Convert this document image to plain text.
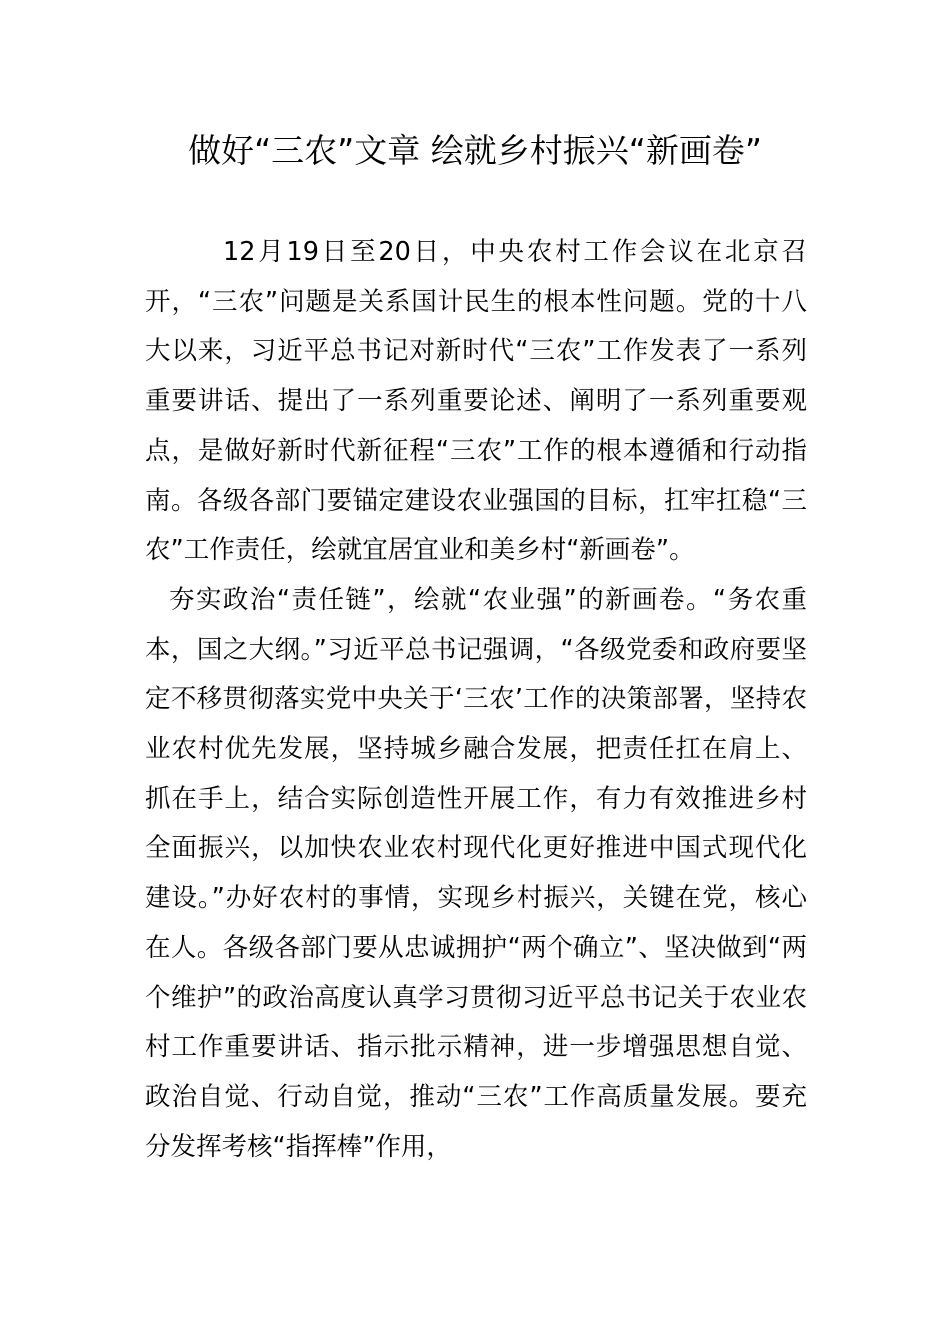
做好“三农”文章 绘就乡村振兴“新画卷”

12月19日至20日，中央农村工作会议在北京召开，“三农”问题是关系国计民生的根本性问题。党的十八大以来，习近平总书记对新时代“三农”工作发表了一系列重要讲话、提出了一系列重要论述、阐明了一系列重要观点，是做好新时代新征程“三农”工作的根本遵循和行动指南。各级各部门要锚定建设农业强国的目标，扛牢扛稳“三农”工作责任，绘就宜居宜业和美乡村“新画卷”。

夯实政治“责任链”，绘就“农业强”的新画卷。“务农重本，国之大纲。”习近平总书记强调，“各级党委和政府要坚定不移贯彻落实党中央关于‘三农’工作的决策部署，坚持农业农村优先发展，坚持城乡融合发展，把责任扛在肩上、抓在手上，结合实际创造性开展工作，有力有效推进乡村全面振兴，以加快农业农村现代化更好推进中国式现代化建设。”办好农村的事情，实现乡村振兴，关键在党，核心在人。各级各部门要从忠诚拥护“两个确立”、坚决做到“两个维护”的政治高度认真学习贯彻习近平总书记关于农业农村工作重要讲话、指示批示精神，进一步增强思想自觉、政治自觉、行动自觉，推动“三农”工作高质量发展。要充分发挥考核“指挥棒”作用，
